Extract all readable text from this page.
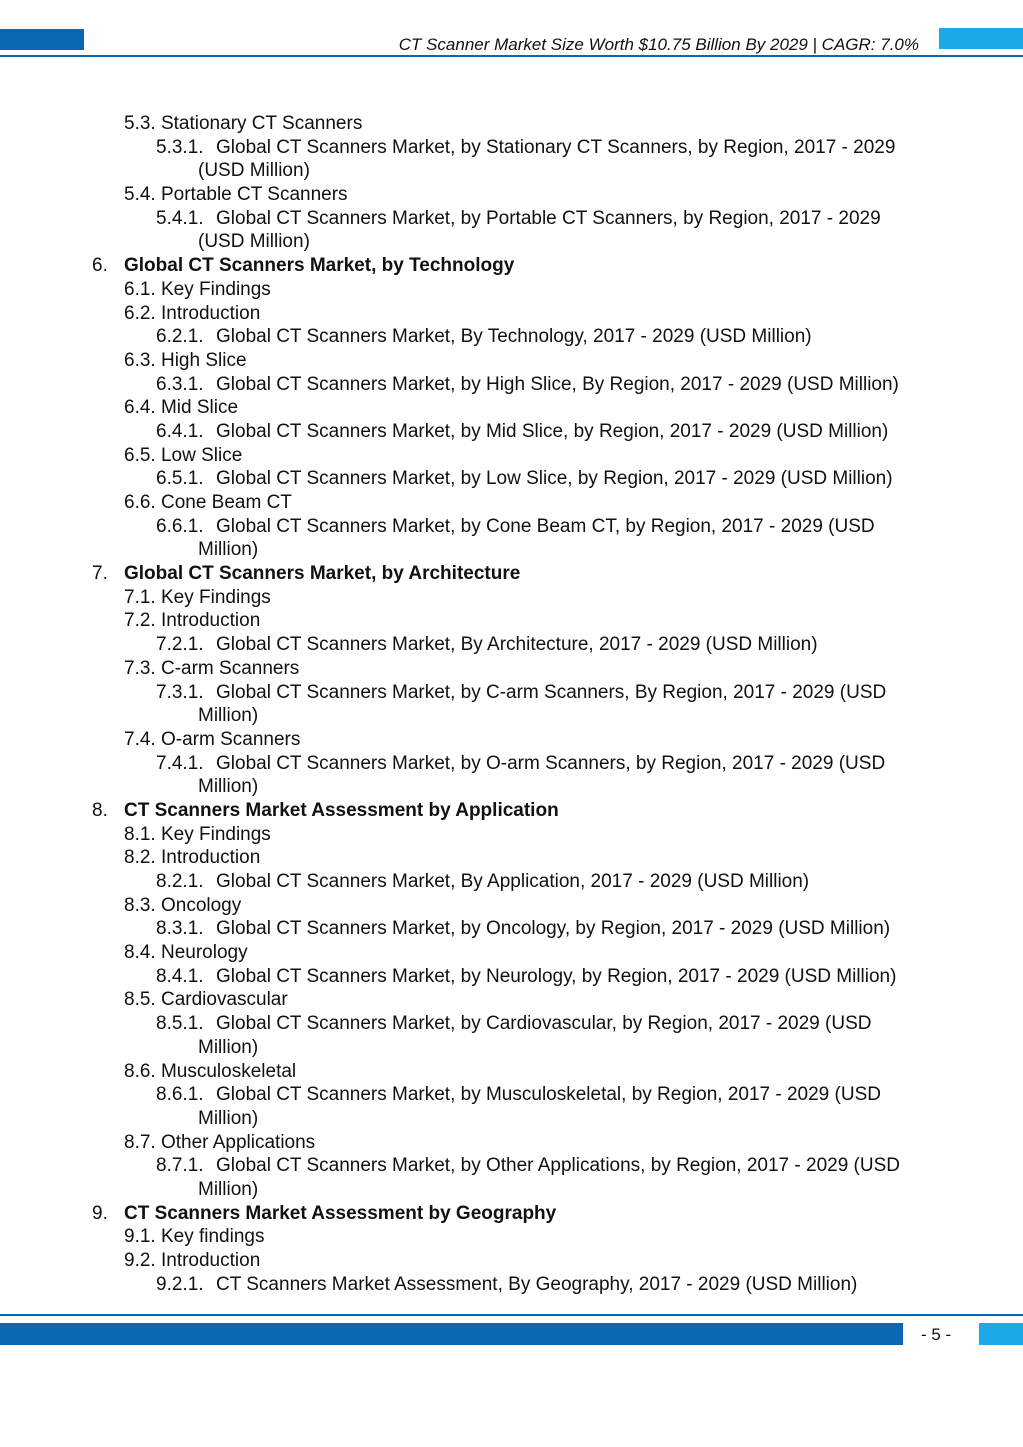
CT Scanner Market Size Worth $10.75 Billion By 2029 | CAGR: 7.0%
5.3. Stationary CT Scanners
5.3.1. Global CT Scanners Market, by Stationary CT Scanners, by Region, 2017 - 2029
(USD Million)
5.4. Portable CT Scanners
5.4.1. Global CT Scanners Market, by Portable CT Scanners, by Region, 2017 - 2029
(USD Million)
6. Global CT Scanners Market, by Technology
6.1. Key Findings
6.2. Introduction
6.2.1. Global CT Scanners Market, By Technology, 2017 - 2029 (USD Million)
6.3. High Slice
6.3.1. Global CT Scanners Market, by High Slice, By Region, 2017 - 2029 (USD Million)
6.4. Mid Slice
6.4.1. Global CT Scanners Market, by Mid Slice, by Region, 2017 - 2029 (USD Million)
6.5. Low Slice
6.5.1. Global CT Scanners Market, by Low Slice, by Region, 2017 - 2029 (USD Million)
6.6. Cone Beam CT
6.6.1. Global CT Scanners Market, by Cone Beam CT, by Region, 2017 - 2029 (USD
Million)
7. Global CT Scanners Market, by Architecture
7.1. Key Findings
7.2. Introduction
7.2.1. Global CT Scanners Market, By Architecture, 2017 - 2029 (USD Million)
7.3. C-arm Scanners
7.3.1. Global CT Scanners Market, by C-arm Scanners, By Region, 2017 - 2029 (USD
Million)
7.4. O-arm Scanners
7.4.1. Global CT Scanners Market, by O-arm Scanners, by Region, 2017 - 2029 (USD
Million)
8. CT Scanners Market Assessment by Application
8.1. Key Findings
8.2. Introduction
8.2.1. Global CT Scanners Market, By Application, 2017 - 2029 (USD Million)
8.3. Oncology
8.3.1. Global CT Scanners Market, by Oncology, by Region, 2017 - 2029 (USD Million)
8.4. Neurology
8.4.1. Global CT Scanners Market, by Neurology, by Region, 2017 - 2029 (USD Million)
8.5. Cardiovascular
8.5.1. Global CT Scanners Market, by Cardiovascular, by Region, 2017 - 2029 (USD
Million)
8.6. Musculoskeletal
8.6.1. Global CT Scanners Market, by Musculoskeletal, by Region, 2017 - 2029 (USD
Million)
8.7. Other Applications
8.7.1. Global CT Scanners Market, by Other Applications, by Region, 2017 - 2029 (USD
Million)
9. CT Scanners Market Assessment by Geography
9.1. Key findings
9.2. Introduction
9.2.1. CT Scanners Market Assessment, By Geography, 2017 - 2029 (USD Million)
- 5 -
